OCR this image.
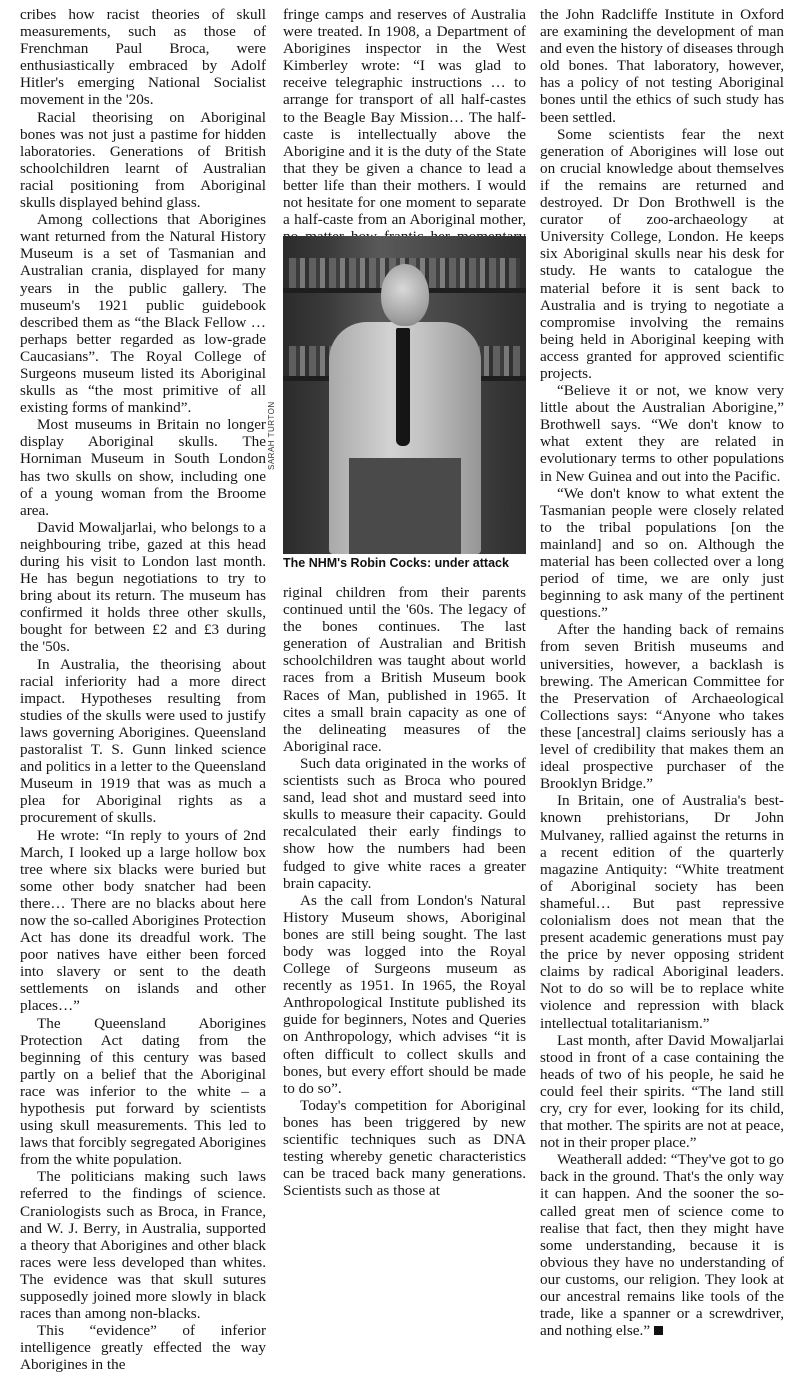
cribes how racist theories of skull measurements, such as those of Frenchman Paul Broca, were enthusiastically embraced by Adolf Hitler's emerging National Socialist movement in the '20s.

Racial theorising on Aboriginal bones was not just a pastime for hidden laboratories. Generations of British schoolchildren learnt of Australian racial positioning from Aboriginal skulls displayed behind glass.

Among collections that Aborigines want returned from the Natural History Museum is a set of Tasmanian and Australian crania, displayed for many years in the public gallery. The museum's 1921 public guidebook described them as “the Black Fellow … perhaps better regarded as low-grade Caucasians”. The Royal College of Surgeons museum listed its Aboriginal skulls as “the most primitive of all existing forms of mankind”.

Most museums in Britain no longer display Aboriginal skulls. The Horniman Museum in South London has two skulls on show, including one of a young woman from the Broome area.

David Mowaljarlai, who belongs to a neighbouring tribe, gazed at this head during his visit to London last month. He has begun negotiations to try to bring about its return. The museum has confirmed it holds three other skulls, bought for between £2 and £3 during the '50s.

In Australia, the theorising about racial inferiority had a more direct impact. Hypotheses resulting from studies of the skulls were used to justify laws governing Aborigines. Queensland pastoralist T. S. Gunn linked science and politics in a letter to the Queensland Museum in 1919 that was as much a plea for Aboriginal rights as a procurement of skulls.

He wrote: “In reply to yours of 2nd March, I looked up a large hollow box tree where six blacks were buried but some other body snatcher had been there… There are no blacks about here now the so-called Aborigines Protection Act has done its dreadful work. The poor natives have either been forced into slavery or sent to the death settlements on islands and other places…”

The Queensland Aborigines Protection Act dating from the beginning of this century was based partly on a belief that the Aboriginal race was inferior to the white – a hypothesis put forward by scientists using skull measurements. This led to laws that forcibly segregated Aborigines from the white population.

The politicians making such laws referred to the findings of science. Craniologists such as Broca, in France, and W. J. Berry, in Australia, supported a theory that Aborigines and other black races were less developed than whites. The evidence was that skull sutures supposedly joined more slowly in black races than among non-blacks.

This “evidence” of inferior intelligence greatly effected the way Aborigines in the

fringe camps and reserves of Australia were treated. In 1908, a Department of Aborigines inspector in the West Kimberley wrote: “I was glad to receive telegraphic instructions … to arrange for transport of all half-castes to the Beagle Bay Mission… The half-caste is intellectually above the Aborigine and it is the duty of the State that they be given a chance to lead a better life than their mothers. I would not hesitate for one moment to separate a half-caste from an Aboriginal mother,

riginal children from their parents continued until the '60s. The legacy of the bones continues. The last generation of Australian and British schoolchildren was taught about world races from a British Museum book Races of Man, published in 1965. It cites a small brain capacity as one of the delineating measures of the Aboriginal race.

Such data originated in the works of scientists such as Broca who poured sand, lead shot and mustard seed into skulls to measure their capacity. Gould recalculated their early findings to show how the numbers had been fudged to give white races a greater brain capacity.

As the call from London's Natural History Museum shows, Aboriginal bones are still being sought. The last body was logged into the Royal College of Surgeons museum as recently as 1951. In 1965, the Royal Anthropological Institute published its guide for beginners, Notes and Queries on Anthropology, which advises “it is often difficult to collect skulls and bones, but every effort should be made to do so”.

Today's competition for Aboriginal bones has been triggered by new scientific techniques such as DNA testing whereby genetic characteristics can be traced back many generations. Scientists such as those at

SARAH TURTON
The NHM's Robin Cocks: under attack

the John Radcliffe Institute in Oxford are examining the development of man and even the history of diseases through old bones. That laboratory, however, has a policy of not testing Aboriginal bones until the ethics of such study has been settled.

Some scientists fear the next generation of Aborigines will lose out on crucial knowledge about themselves if the remains are returned and destroyed. Dr Don Brothwell is the curator of zoo-archaeology at University College, London. He keeps six Aboriginal skulls near his desk for study. He wants to catalogue the material before it is sent back to Australia and is trying to negotiate a compromise involving the remains being held in Aboriginal keeping with access granted for approved scientific projects.

“Believe it or not, we know very little about the Australian Aborigine,” Brothwell says. “We don't know to what extent they are related in evolutionary terms to other populations in New Guinea and out into the Pacific.

“We don't know to what extent the Tasmanian people were closely related to the tribal populations [on the mainland] and so on. Although the material has been collected over a long period of time, we are only just beginning to ask many of the pertinent questions.”

After the handing back of remains from seven British museums and universities, however, a backlash is brewing. The American Committee for the Preservation of Archaeological Collections says: “Anyone who takes these [ancestral] claims seriously has a level of credibility that makes them an ideal prospective purchaser of the Brooklyn Bridge.”

In Britain, one of Australia's best-known prehistorians, Dr John Mulvaney, rallied against the returns in a recent edition of the quarterly magazine Antiquity: “White treatment of Aboriginal society has been shameful… But past repressive colonialism does not mean that the present academic generations must pay the price by never opposing strident claims by radical Aboriginal leaders. Not to do so will be to replace white violence and repression with black intellectual totalitarianism.”

Last month, after David Mowaljarlai stood in front of a case containing the heads of two of his people, he said he could feel their spirits. “The land still cry, cry for ever, looking for its child, that mother. The spirits are not at peace, not in their proper place.”

Weatherall added: “They've got to go back in the ground. That's the only way it can happen. And the sooner the so-called great men of science come to realise that fact, then they might have some understanding, because it is obvious they have no understanding of our customs, our religion. They look at our ancestral remains like tools of the trade, like a spanner or a screwdriver, and nothing else.”
